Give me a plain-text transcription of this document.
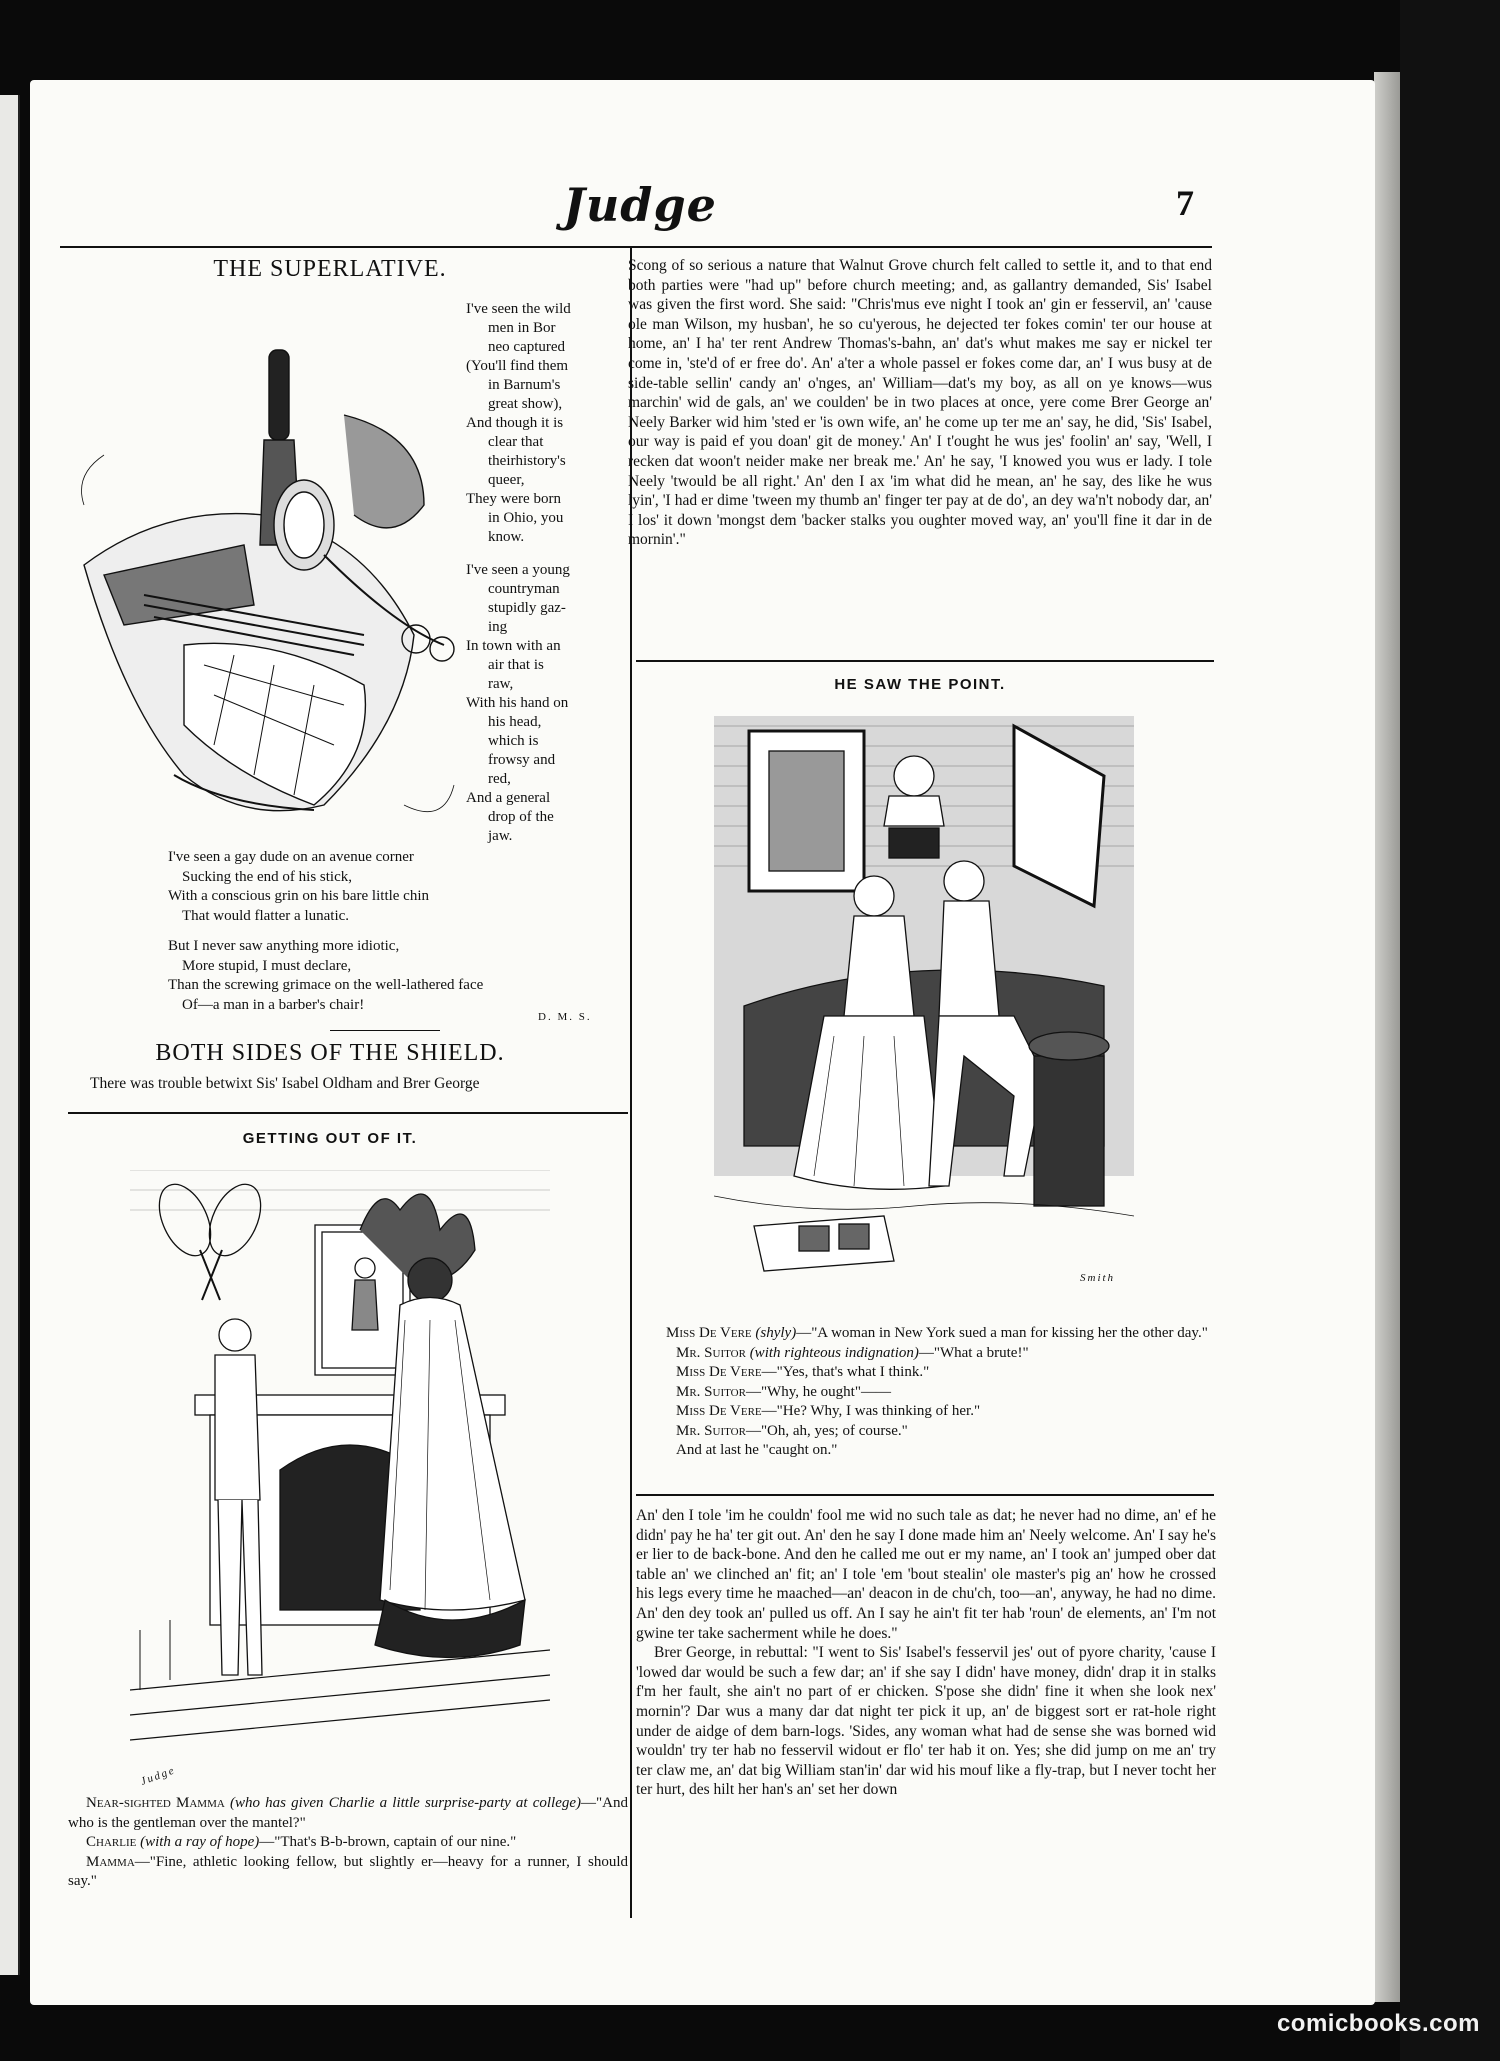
Judge	7
THE SUPERLATIVE.
I've seen the wild
men in Bor
neo captured
(You'll find them
in Barnum's
great show),
And though it is
clear that
theirhistory's
queer,
They were born
in Ohio, you
know.
I've seen a young
countryman
stupidly gaz-
ing
In town with an
air that is
raw,
With his hand on
his head,
which is
frowsy and
red,
And a general
drop of the
jaw.
I've seen a gay dude on an avenue corner
Sucking the end of his stick,
With a conscious grin on his bare little chin
That would flatter a lunatic.
But I never saw anything more idiotic,
More stupid, I must declare,
Than the screwing grimace on the well-lathered face
Of—a man in a barber's chair!
D. M. S.
BOTH SIDES OF THE SHIELD.
There was trouble betwixt Sis' Isabel Oldham and Brer George
GETTING OUT OF IT.
Judge
Near-sighted Mamma (who has given Charlie a little surprise-party at college)—"And who is the gentleman over the mantel?"
Charlie (with a ray of hope)—"That's B-b-brown, captain of our nine."
Mamma—"Fine, athletic looking fellow, but slightly er—heavy for a runner, I should say."
Scong of so serious a nature that Walnut Grove church felt called to settle it, and to that end both parties were "had up" before church meeting; and, as gallantry demanded, Sis' Isabel was given the first word. She said: "Chris'mus eve night I took an' gin er fesservil, an' 'cause ole man Wilson, my husban', he so cu'yerous, he dejected ter fokes comin' ter our house at home, an' I ha' ter rent Andrew Thomas's-bahn, an' dat's whut makes me say er nickel ter come in, 'ste'd of er free do'. An' a'ter a whole passel er fokes come dar, an' I wus busy at de side-table sellin' candy an' o'nges, an' William—dat's my boy, as all on ye knows—wus marchin' wid de gals, an' we coulden' be in two places at once, yere come Brer George an' Neely Barker wid him 'sted er 'is own wife, an' he come up ter me an' say, he did, 'Sis' Isabel, our way is paid ef you doan' git de money.' An' I t'ought he wus jes' foolin' an' say, 'Well, I recken dat woon't neider make ner break me.' An' he say, 'I knowed you wus er lady. I tole Neely 'twould be all right.' An' den I ax 'im what did he mean, an' he say, des like he wus lyin', 'I had er dime 'tween my thumb an' finger ter pay at de do', an dey wa'n't nobody dar, an' I los' it down 'mongst dem 'backer stalks you oughter moved way, an' you'll fine it dar in de mornin'."
HE SAW THE POINT.
Smith
Miss De Vere (shyly)—"A woman in New York sued a man for kissing her the other day."
Mr. Suitor (with righteous indignation)—"What a brute!"
Miss De Vere—"Yes, that's what I think."
Mr. Suitor—"Why, he ought"——
Miss De Vere—"He? Why, I was thinking of her."
Mr. Suitor—"Oh, ah, yes; of course."
And at last he "caught on."

An' den I tole 'im he couldn' fool me wid no such tale as dat; he never had no dime, an' ef he didn' pay he ha' ter git out. An' den he say I done made him an' Neely welcome. An' I say he's er lier to de back-bone. And den he called me out er my name, an' I took an' jumped ober dat table an' we clinched an' fit; an' I tole 'em 'bout stealin' ole master's pig an' how he crossed his legs every time he maached—an' deacon in de chu'ch, too—an', anyway, he had no dime. An' den dey took an' pulled us off. An I say he ain't fit ter hab 'roun' de elements, an' I'm not gwine ter take sacherment while he does."

Brer George, in rebuttal: "I went to Sis' Isabel's fesservil jes' out of pyore charity, 'cause I 'lowed dar would be such a few dar; an' if she say I didn' have money, didn' drap it in stalks f'm her fault, she ain't no part of er chicken. S'pose she didn' fine it when she look nex' mornin'? Dar wus a many dar dat night ter pick it up, an' de biggest sort er rat-hole right under de aidge of dem barn-logs. 'Sides, any woman what had de sense she was borned wid wouldn' try ter hab no fesservil widout er flo' ter hab it on. Yes; she did jump on me an' try ter claw me, an' dat big William stan'in' dar wid his mouf like a fly-trap, but I never tocht her ter hurt, des hilt her han's an' set her down

comicbooks.com
